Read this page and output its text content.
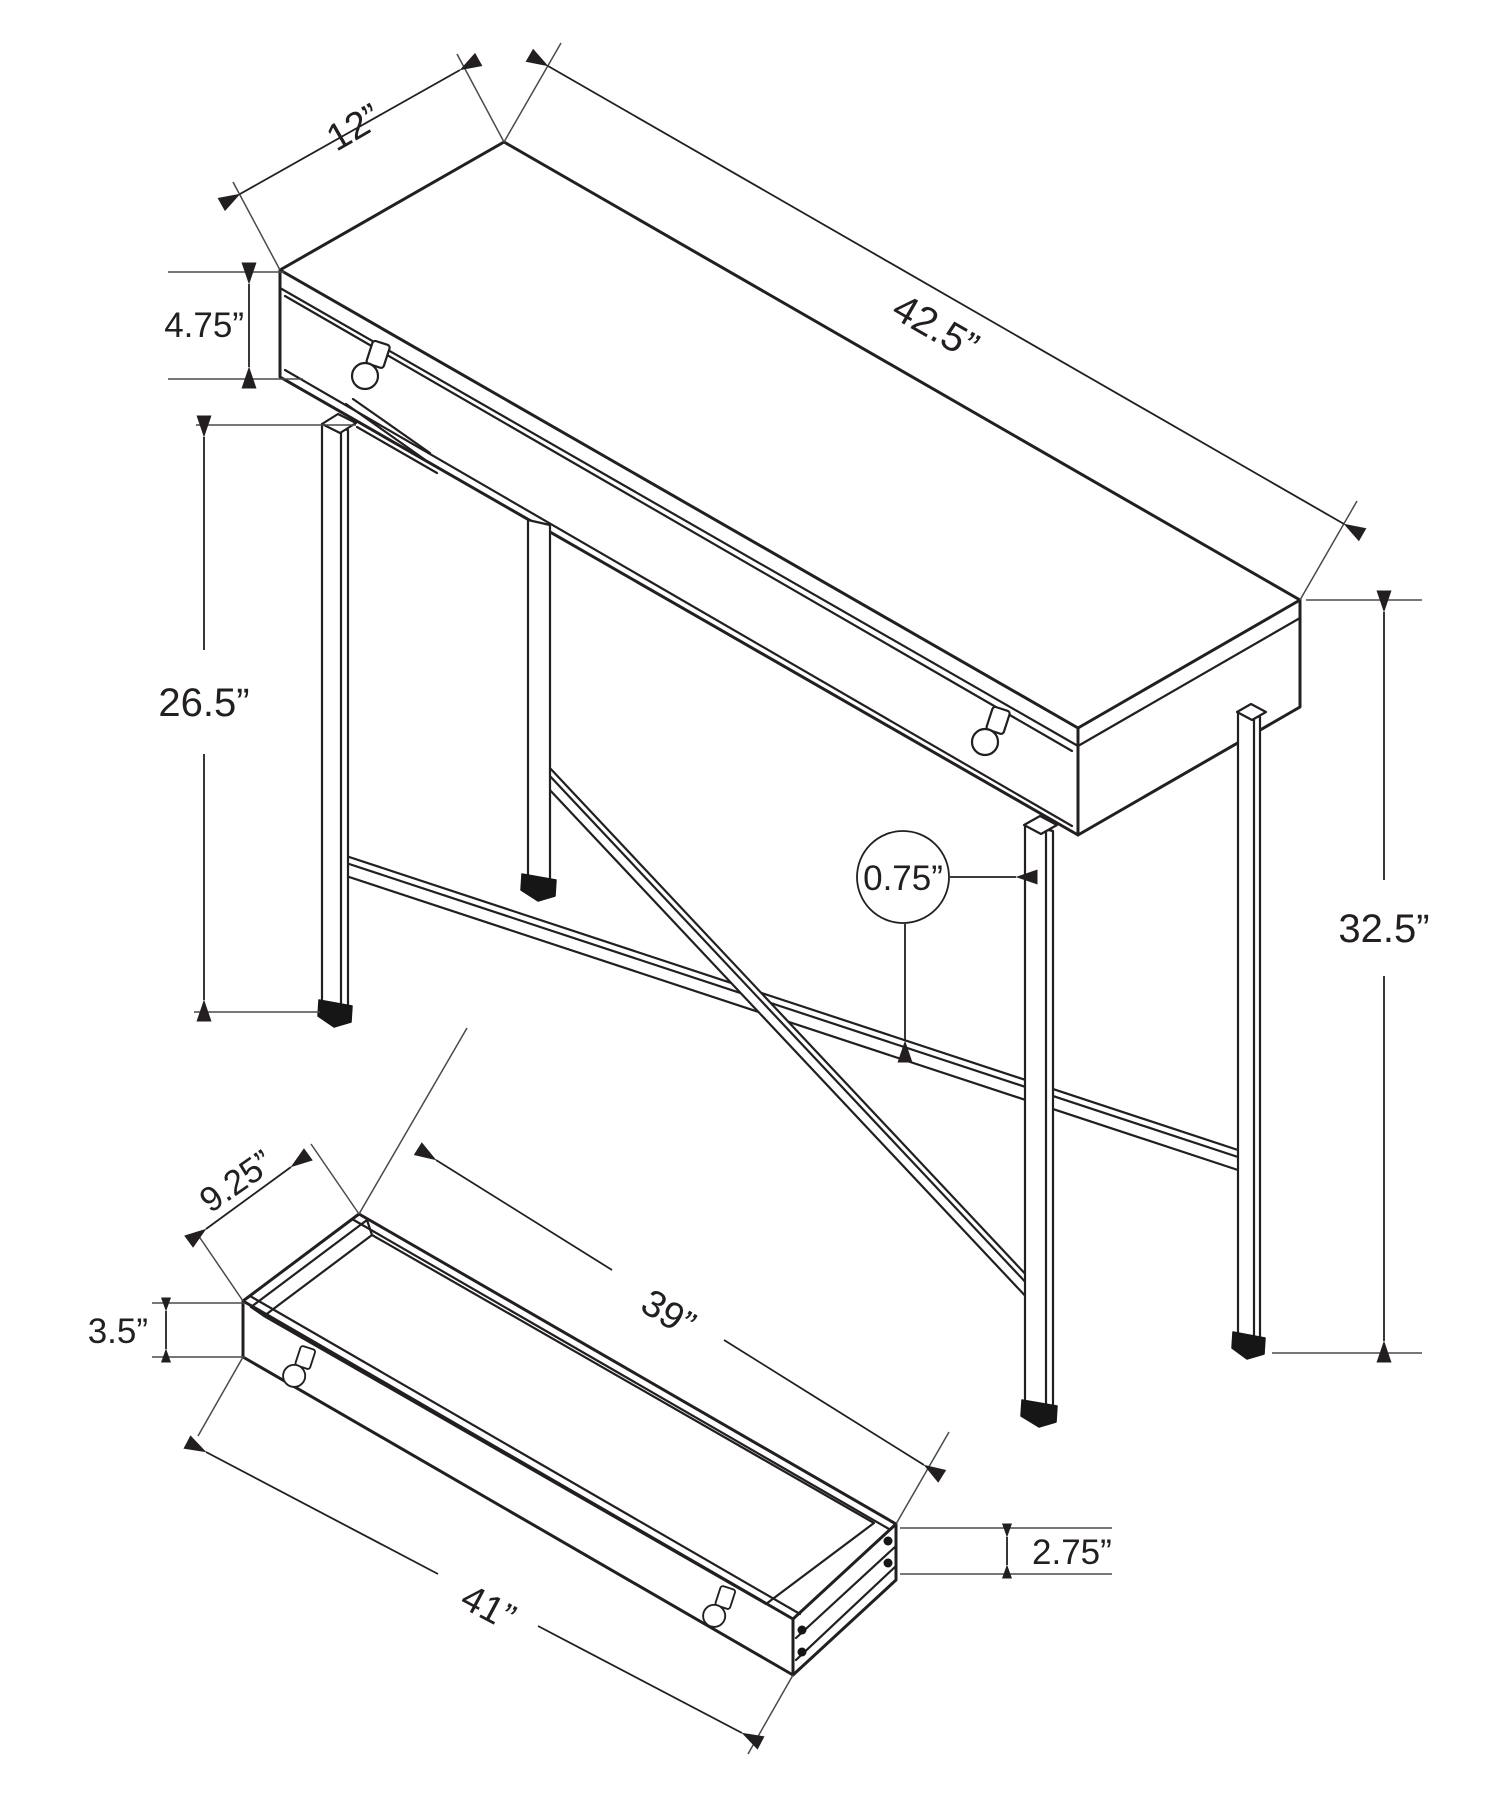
12”
42.5”
4.75”
26.5”
32.5”
0.75”
9.25”
39”
41”
3.5”
2.75”
